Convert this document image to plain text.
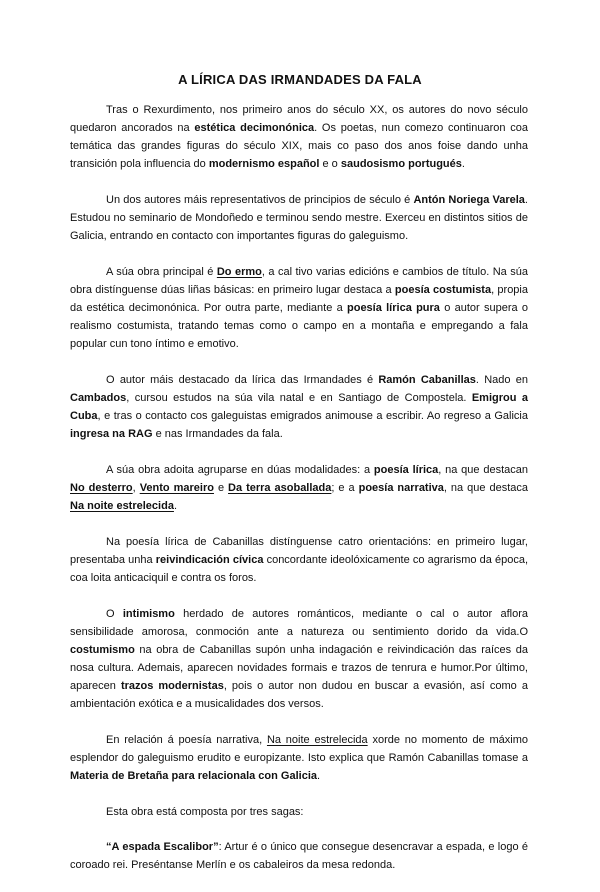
A LÍRICA DAS IRMANDADES DA FALA

Tras o Rexurdimento, nos primeiro anos do século XX, os autores do novo século quedaron ancorados na estética decimonónica. Os poetas, nun comezo continuaron coa temática das grandes figuras do século XIX, mais co paso dos anos foise dando unha transición pola influencia do modernismo español e o saudosismo portugués.

Un dos autores máis representativos de principios de século é Antón Noriega Varela. Estudou no seminario de Mondoñedo e terminou sendo mestre. Exerceu en distintos sitios de Galicia, entrando en contacto con importantes figuras do galeguismo.

A súa obra principal é Do ermo, a cal tivo varias edicións e cambios de título. Na súa obra distínguense dúas liñas básicas: en primeiro lugar destaca a poesía costumista, propia da estética decimonónica. Por outra parte, mediante a poesía lírica pura o autor supera o realismo costumista, tratando temas como o campo en a montaña e empregando a fala popular cun tono íntimo e emotivo.

O autor máis destacado da lírica das Irmandades é Ramón Cabanillas. Nado en Cambados, cursou estudos na súa vila natal e en Santiago de Compostela. Emigrou a Cuba, e tras o contacto cos galeguistas emigrados animouse a escribir. Ao regreso a Galicia ingresa na RAG e nas Irmandades da fala.

A súa obra adoita agruparse en dúas modalidades: a poesía lírica, na que destacan No desterro, Vento mareiro e Da terra asoballada; e a poesía narrativa, na que destaca Na noite estrelecida.

Na poesía lírica de Cabanillas distínguense catro orientacións: en primeiro lugar, presentaba unha reivindicación cívica concordante ideolóxicamente co agrarismo da época, coa loita anticaciquil e contra os foros.

O intimismo herdado de autores románticos, mediante o cal o autor aflora sensibilidade amorosa, conmoción ante a natureza ou sentimiento dorido da vida.O costumismo na obra de Cabanillas supón unha indagación e reivindicación das raíces da nosa cultura. Ademais, aparecen novidades formais e trazos de tenrura e humor.Por último, aparecen trazos modernistas, pois o autor non dudou en buscar a evasión, así como a ambientación exótica e a musicalidades dos versos.

En relación á poesía narrativa, Na noite estrelecida xorde no momento de máximo esplendor do galeguismo erudito e europizante. Isto explica que Ramón Cabanillas tomase a Materia de Bretaña para relacionala con Galicia.

Esta obra está composta por tres sagas:

“A espada Escalibor”: Artur é o único que consegue desencravar a espada, e logo é coroado rei. Preséntanse Merlín e os cabaleiros da mesa redonda.
